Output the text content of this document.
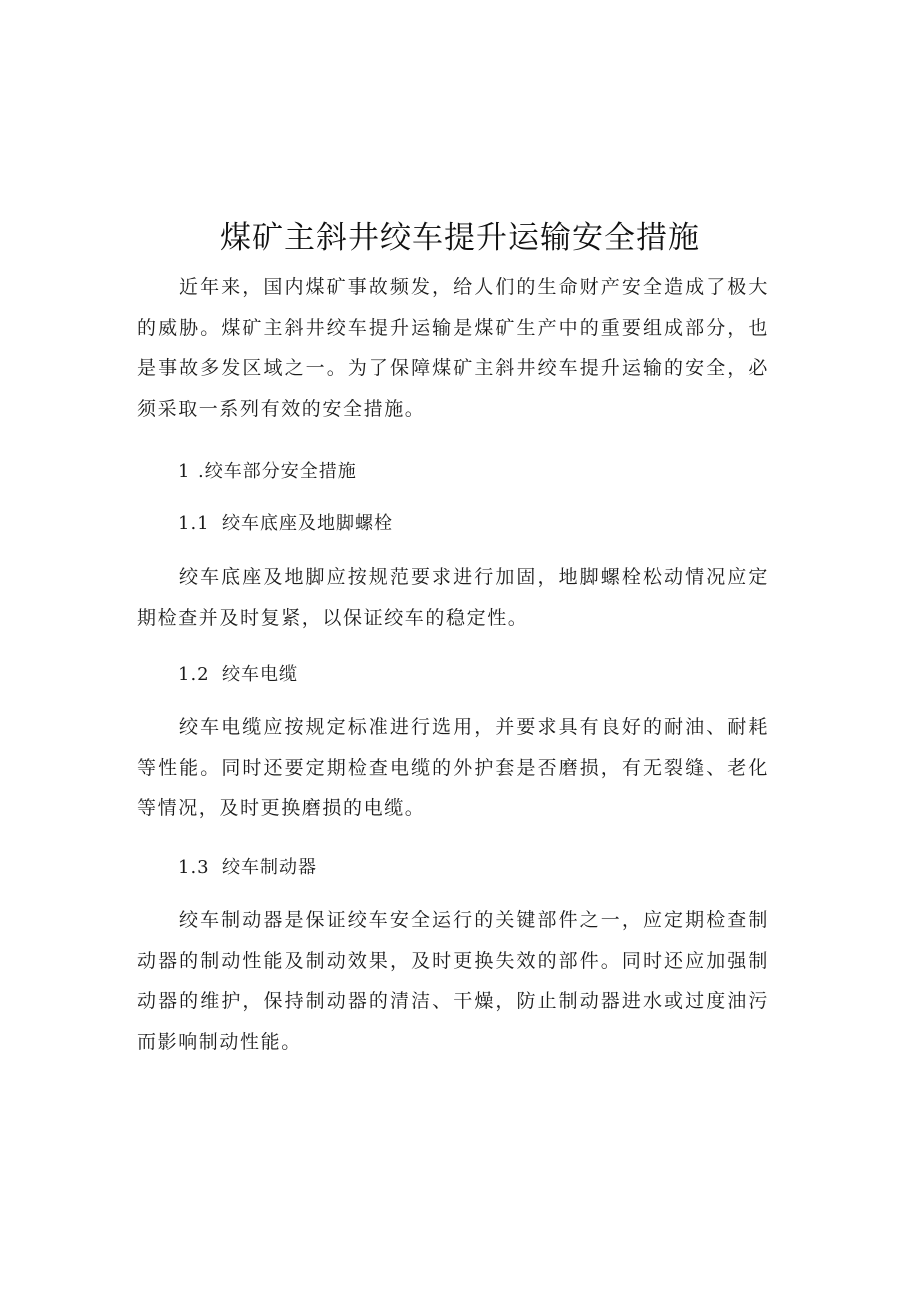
煤矿主斜井绞车提升运输安全措施

近年来，国内煤矿事故频发，给人们的生命财产安全造成了极大的威胁。煤矿主斜井绞车提升运输是煤矿生产中的重要组成部分，也是事故多发区域之一。为了保障煤矿主斜井绞车提升运输的安全，必须采取一系列有效的安全措施。

1 .绞车部分安全措施
1.1 绞车底座及地脚螺栓

绞车底座及地脚应按规范要求进行加固，地脚螺栓松动情况应定期检查并及时复紧，以保证绞车的稳定性。

1.2 绞车电缆

绞车电缆应按规定标准进行选用，并要求具有良好的耐油、耐耗等性能。同时还要定期检查电缆的外护套是否磨损，有无裂缝、老化等情况，及时更换磨损的电缆。

1.3 绞车制动器

绞车制动器是保证绞车安全运行的关键部件之一，应定期检查制动器的制动性能及制动效果，及时更换失效的部件。同时还应加强制动器的维护，保持制动器的清洁、干燥，防止制动器进水或过度油污而影响制动性能。
